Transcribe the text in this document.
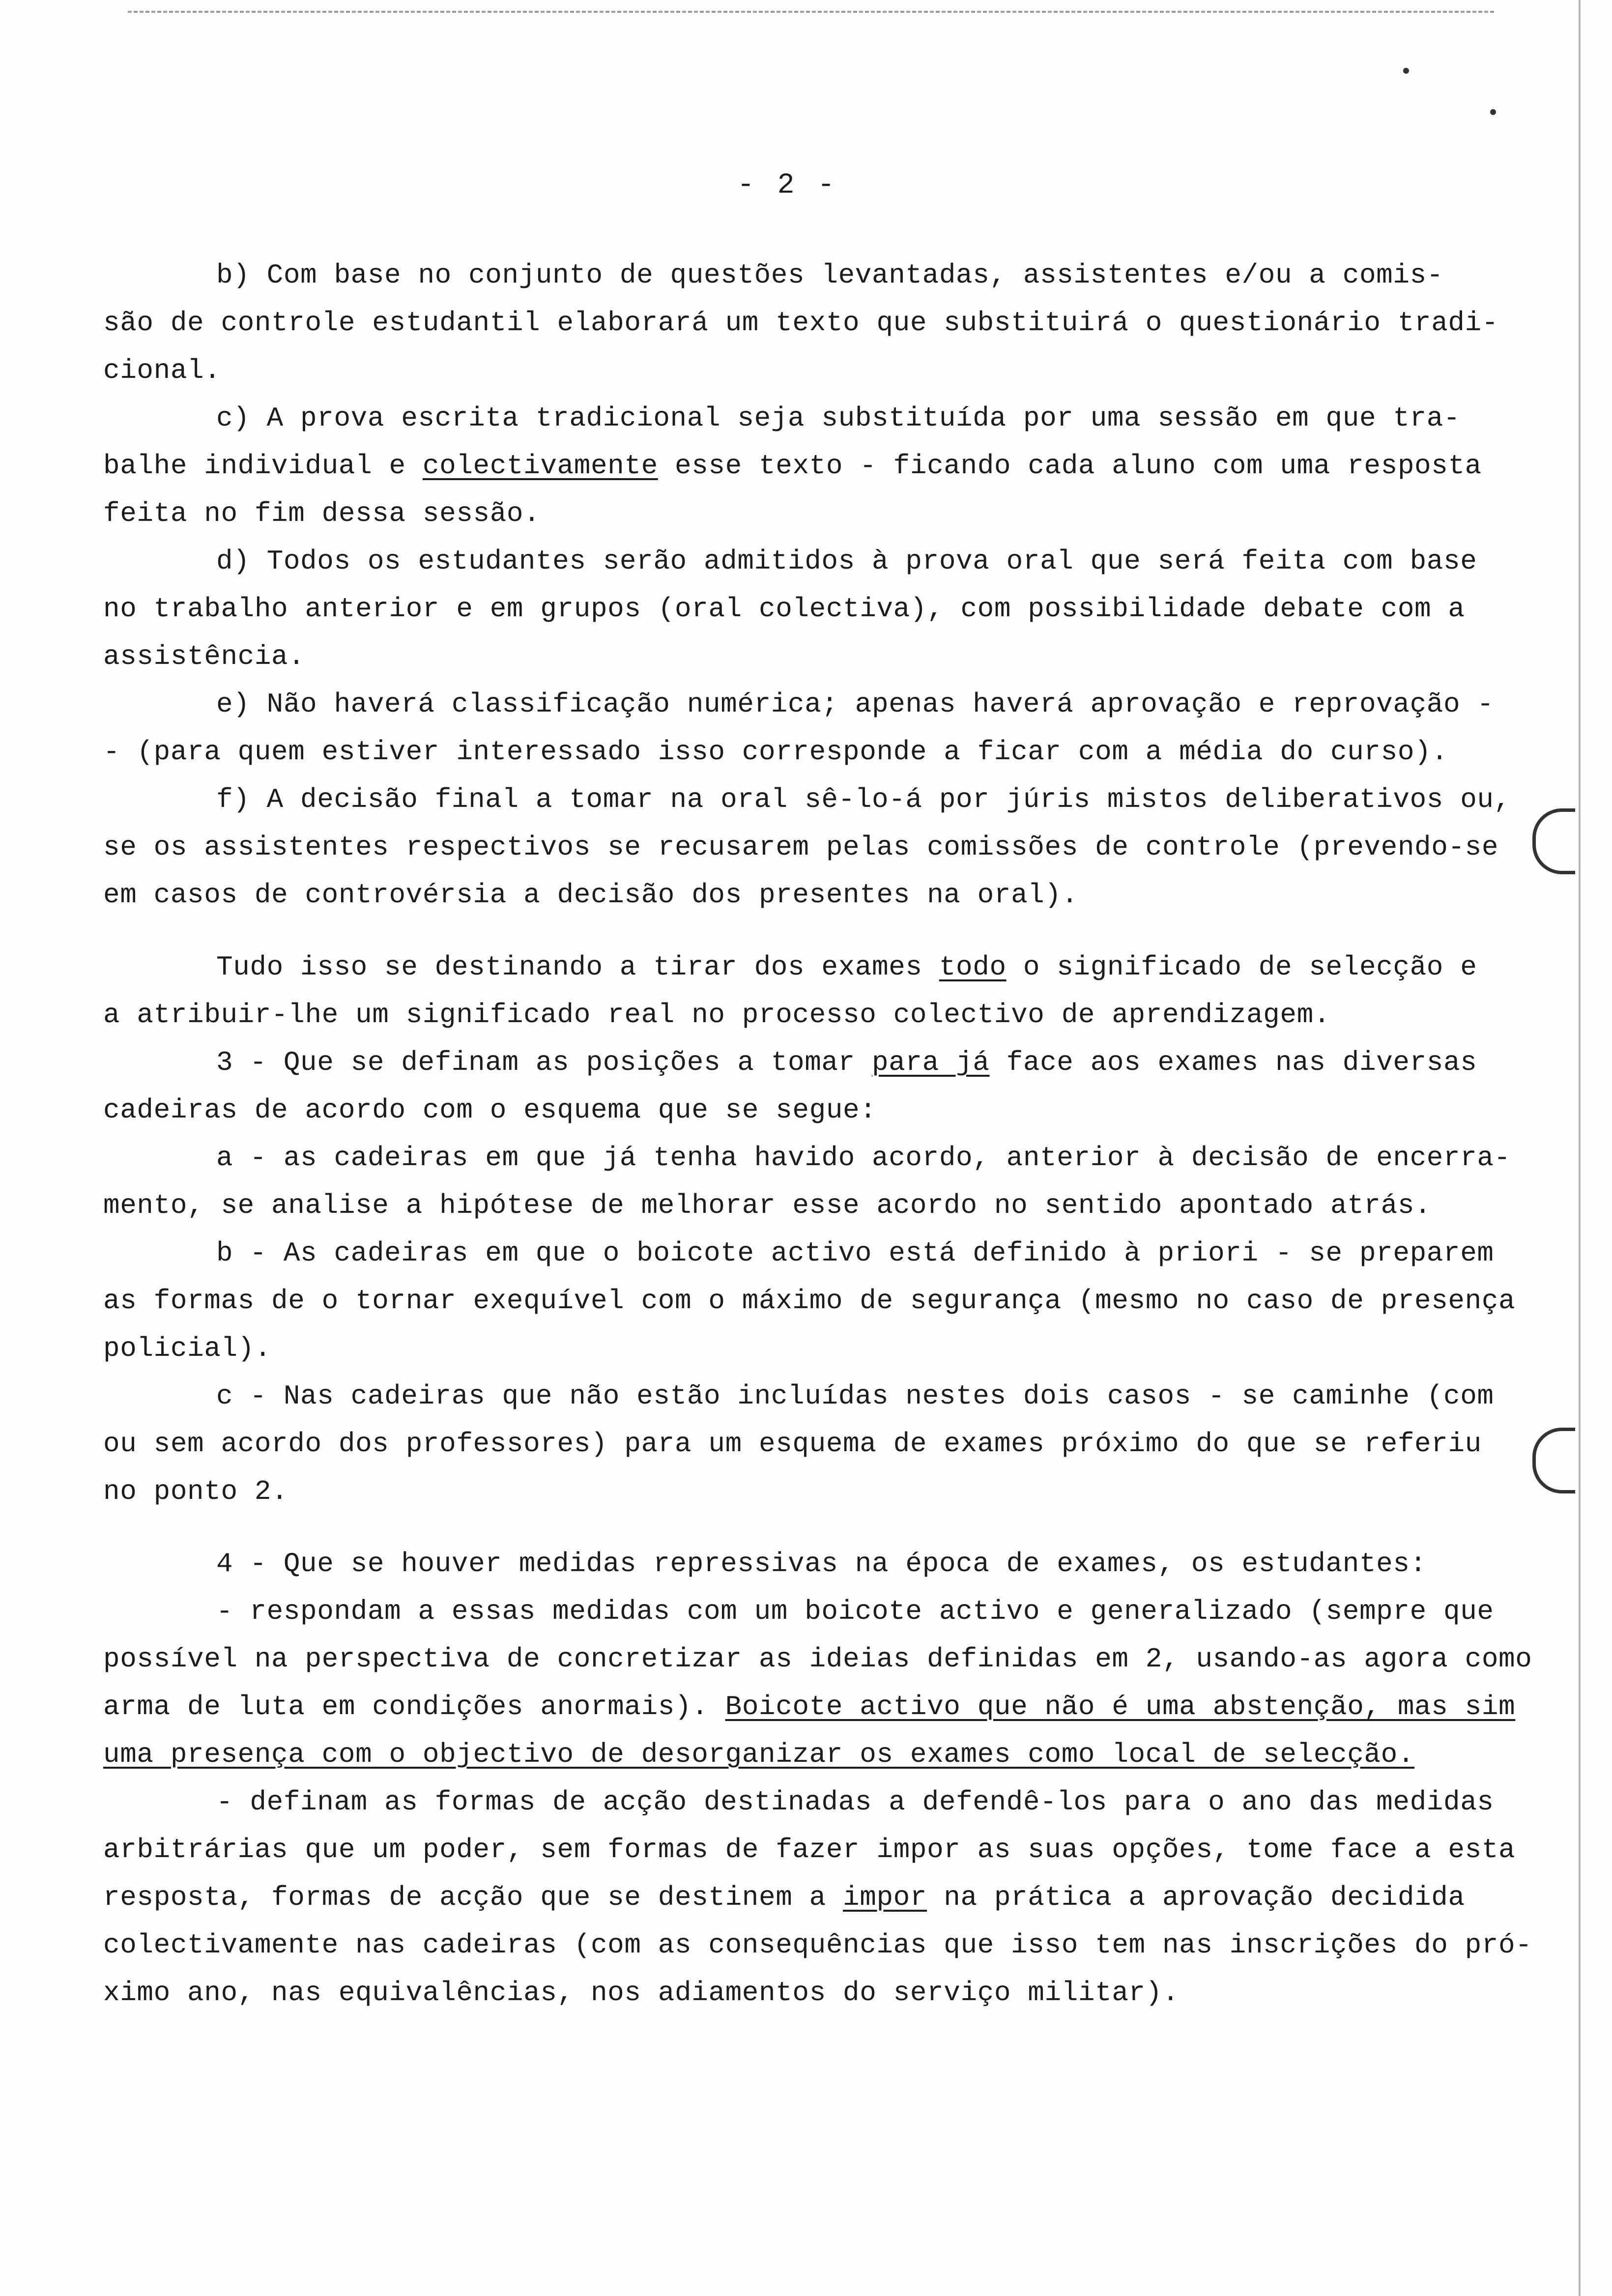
- 2 -
b) Com base no conjunto de questões levantadas, assistentes e/ou a comis-
são de controle estudantil elaborará um texto que substituirá o questionário tradi-
cional.
c) A prova escrita tradicional seja substituída por uma sessão em que tra-
balhe individual e colectivamente esse texto - ficando cada aluno com uma resposta
feita no fim dessa sessão.
d) Todos os estudantes serão admitidos à prova oral que será feita com base
no trabalho anterior e em grupos (oral colectiva), com possibilidade debate com a
assistência.
e) Não haverá classificação numérica; apenas haverá aprovação e reprovação -
- (para quem estiver interessado isso corresponde a ficar com a média do curso).
f) A decisão final a tomar na oral sê-lo-á por júris mistos deliberativos ou,
se os assistentes respectivos se recusarem pelas comissões de controle (prevendo-se
em casos de controvérsia a decisão dos presentes na oral).
Tudo isso se destinando a tirar dos exames todo o significado de selecção e
a atribuir-lhe um significado real no processo colectivo de aprendizagem.
3 - Que se definam as posições a tomar para já face aos exames nas diversas
cadeiras de acordo com o esquema que se segue:
a - as cadeiras em que já tenha havido acordo, anterior à decisão de encerra-
mento, se analise a hipótese de melhorar esse acordo no sentido apontado atrás.
b - As cadeiras em que o boicote activo está definido à priori - se preparem
as formas de o tornar exequível com o máximo de segurança (mesmo no caso de presença
policial).
c - Nas cadeiras que não estão incluídas nestes dois casos - se caminhe (com
ou sem acordo dos professores) para um esquema de exames próximo do que se referiu
no ponto 2.
4 - Que se houver medidas repressivas na época de exames, os estudantes:
- respondam a essas medidas com um boicote activo e generalizado (sempre que
possível na perspectiva de concretizar as ideias definidas em 2, usando-as agora como
arma de luta em condições anormais). Boicote activo que não é uma abstenção, mas sim
uma presença com o objectivo de desorganizar os exames como local de selecção.
- definam as formas de acção destinadas a defendê-los para o ano das medidas
arbitrárias que um poder, sem formas de fazer impor as suas opções, tome face a esta
resposta, formas de acção que se destinem a impor na prática a aprovação decidida
colectivamente nas cadeiras (com as consequências que isso tem nas inscrições do pró-
ximo ano, nas equivalências, nos adiamentos do serviço militar).
